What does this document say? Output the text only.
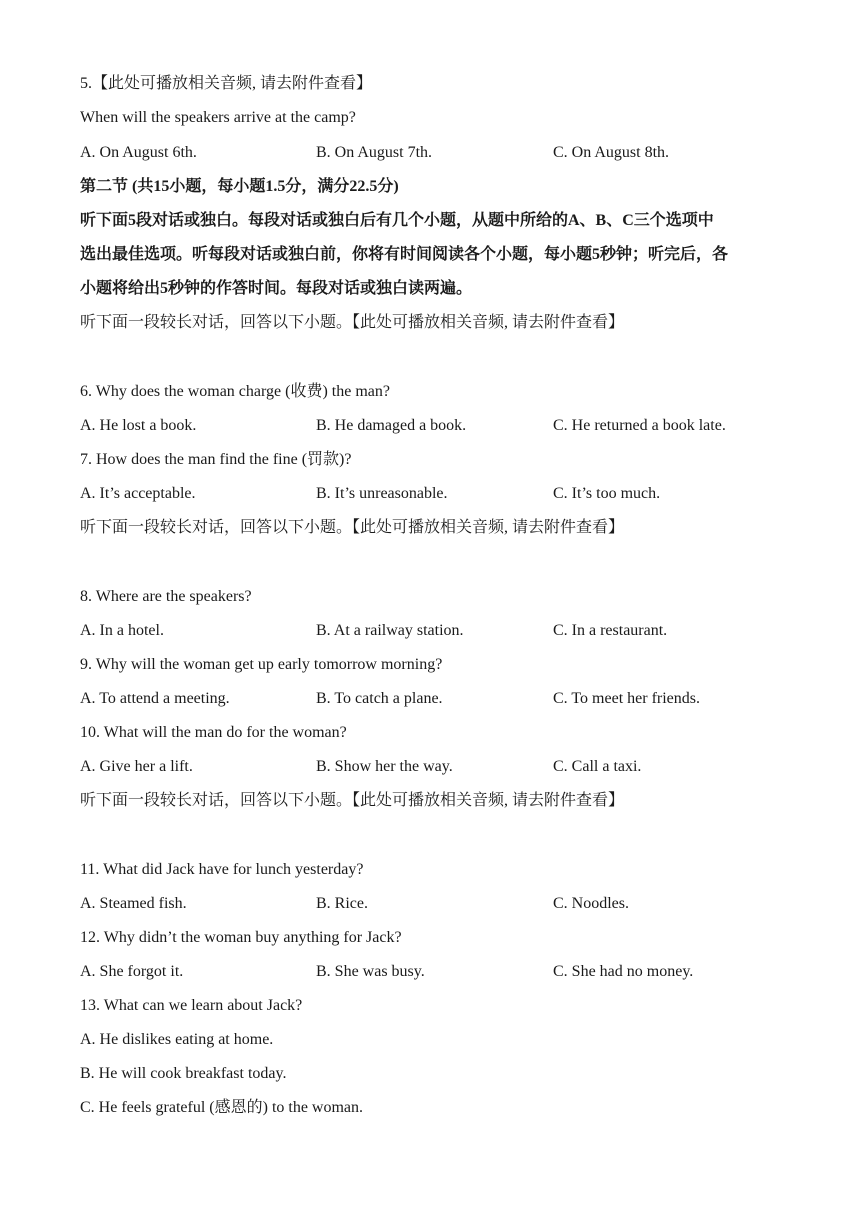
5.【此处可播放相关音频, 请去附件查看】
When will the speakers arrive at the camp?
A. On August 6th.	B. On August 7th.	C. On August 8th.
第二节 (共15小题，每小题1.5分，满分22.5分)
听下面5段对话或独白。每段对话或独白后有几个小题，从题中所给的A、B、C三个选项中
选出最佳选项。听每段对话或独白前，你将有时间阅读各个小题，每小题5秒钟；听完后，各
小题将给出5秒钟的作答时间。每段对话或独白读两遍。
听下面一段较长对话，回答以下小题。【此处可播放相关音频, 请去附件查看】
6. Why does the woman charge (收费) the man?
A. He lost a book.	B. He damaged a book.	C. He returned a book late.
7. How does the man find the fine (罚款)?
A. It’s acceptable.	B. It’s unreasonable.	C. It’s too much.
听下面一段较长对话，回答以下小题。【此处可播放相关音频, 请去附件查看】
8. Where are the speakers?
A. In a hotel.	B. At a railway station.	C. In a restaurant.
9. Why will the woman get up early tomorrow morning?
A. To attend a meeting.	B. To catch a plane.	C. To meet her friends.
10. What will the man do for the woman?
A. Give her a lift.	B. Show her the way.	C. Call a taxi.
听下面一段较长对话，回答以下小题。【此处可播放相关音频, 请去附件查看】
11. What did Jack have for lunch yesterday?
A. Steamed fish.	B. Rice.	C. Noodles.
12. Why didn’t the woman buy anything for Jack?
A. She forgot it.	B. She was busy.	C. She had no money.
13. What can we learn about Jack?
A. He dislikes eating at home.
B. He will cook breakfast today.
C. He feels grateful (感恩的) to the woman.
